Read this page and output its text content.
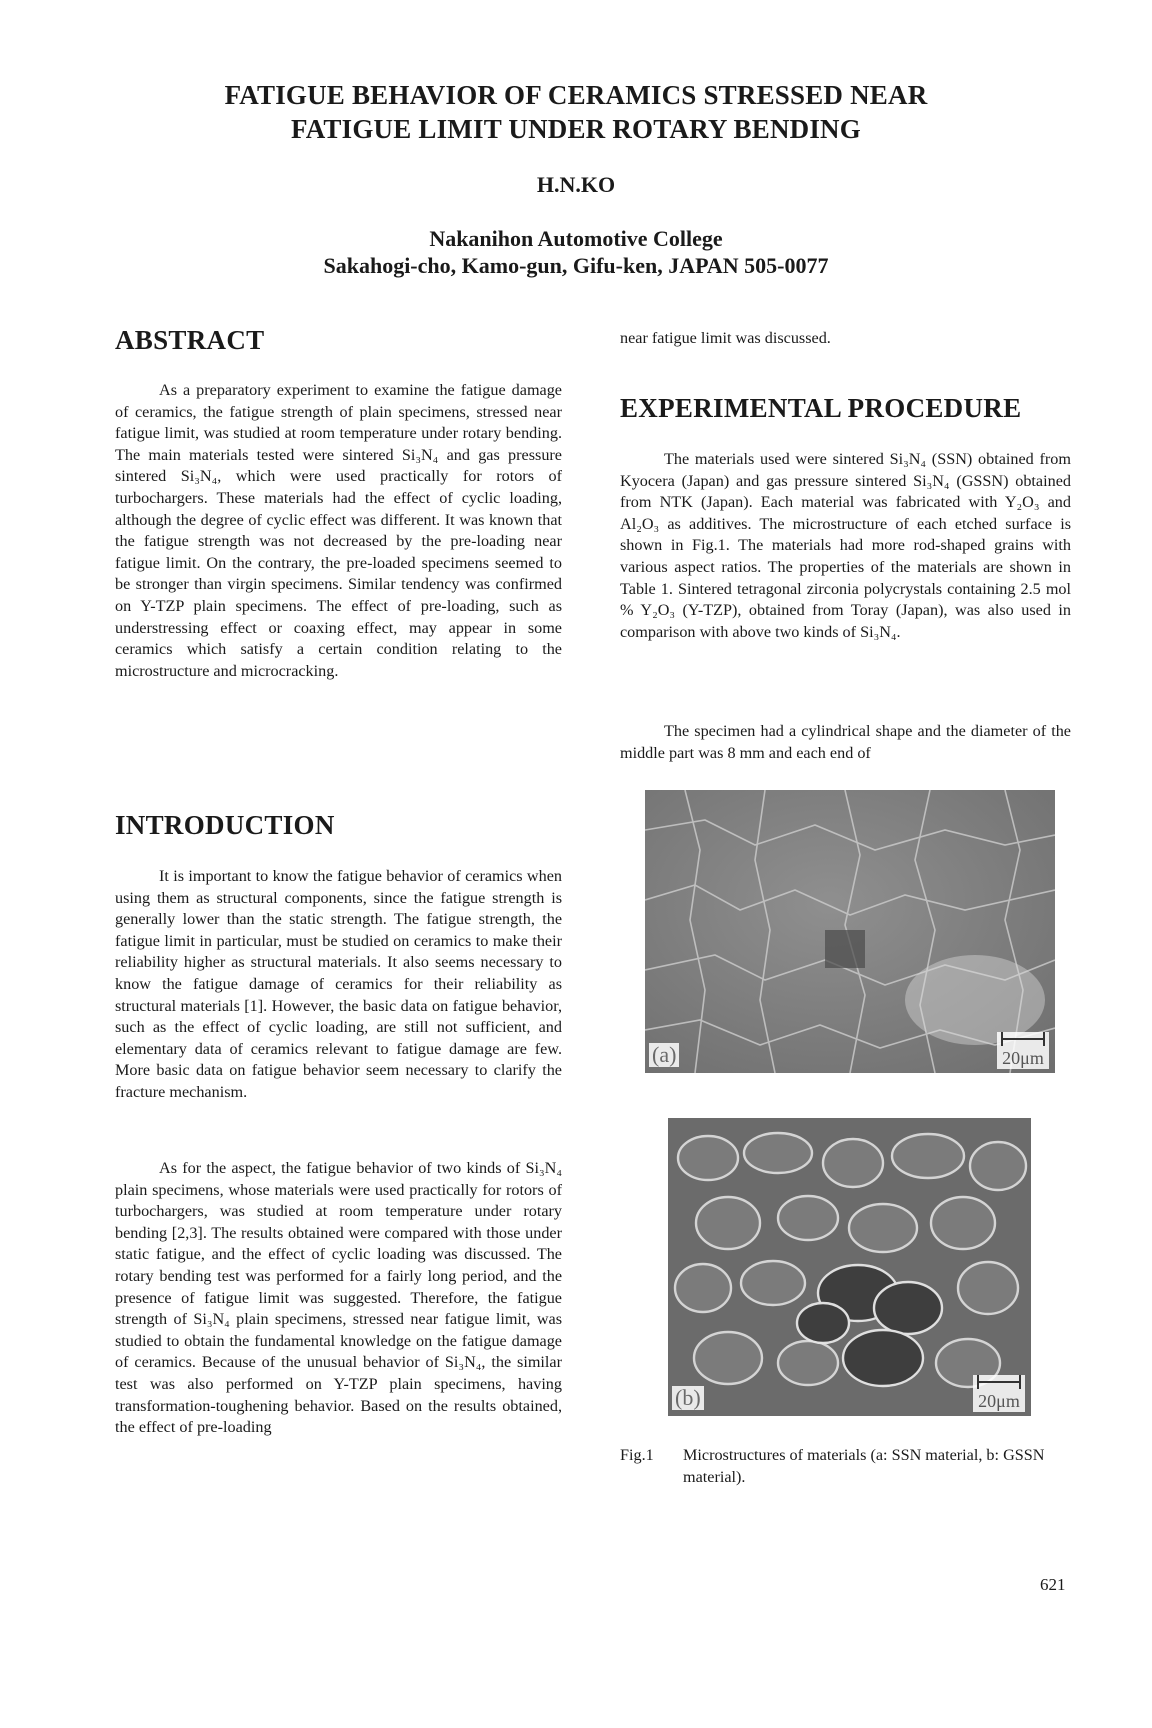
FATIGUE BEHAVIOR OF CERAMICS STRESSED NEAR
FATIGUE LIMIT UNDER ROTARY BENDING
H.N.KO
Nakanihon Automotive College
Sakahogi-cho, Kamo-gun, Gifu-ken, JAPAN 505-0077
ABSTRACT

As a preparatory experiment to examine the fatigue damage of ceramics, the fatigue strength of plain specimens, stressed near fatigue limit, was studied at room temperature under rotary bending. The main materials tested were sintered Si₃N₄ and gas pressure sintered Si₃N₄, which were used practically for rotors of turbochargers. These materials had the effect of cyclic loading, although the degree of cyclic effect was different. It was known that the fatigue strength was not decreased by the pre-loading near fatigue limit. On the contrary, the pre-loaded specimens seemed to be stronger than virgin specimens. Similar tendency was confirmed on Y-TZP plain specimens. The effect of pre-loading, such as understressing effect or coaxing effect, may appear in some ceramics which satisfy a certain condition relating to the microstructure and microcracking.

INTRODUCTION

It is important to know the fatigue behavior of ceramics when using them as structural components, since the fatigue strength is generally lower than the static strength. The fatigue strength, the fatigue limit in particular, must be studied on ceramics to make their reliability higher as structural materials. It also seems necessary to know the fatigue damage of ceramics for their reliability as structural materials [1]. However, the basic data on fatigue behavior, such as the effect of cyclic loading, are still not sufficient, and elementary data of ceramics relevant to fatigue damage are few. More basic data on fatigue behavior seem necessary to clarify the fracture mechanism.

As for the aspect, the fatigue behavior of two kinds of Si₃N₄ plain specimens, whose materials were used practically for rotors of turbochargers, was studied at room temperature under rotary bending [2,3]. The results obtained were compared with those under static fatigue, and the effect of cyclic loading was discussed. The rotary bending test was performed for a fairly long period, and the presence of fatigue limit was suggested. Therefore, the fatigue strength of Si₃N₄ plain specimens, stressed near fatigue limit, was studied to obtain the fundamental knowledge on the fatigue damage of ceramics. Because of the unusual behavior of Si₃N₄, the similar test was also performed on Y-TZP plain specimens, having transformation-toughening behavior. Based on the results obtained, the effect of pre-loading

near fatigue limit was discussed.

EXPERIMENTAL PROCEDURE

The materials used were sintered Si₃N₄ (SSN) obtained from Kyocera (Japan) and gas pressure sintered Si₃N₄ (GSSN) obtained from NTK (Japan). Each material was fabricated with Y₂O₃ and Al₂O₃ as additives. The microstructure of each etched surface is shown in Fig.1. The materials had more rod-shaped grains with various aspect ratios. The properties of the materials are shown in Table 1. Sintered tetragonal zirconia polycrystals containing 2.5 mol % Y₂O₃ (Y-TZP), obtained from Toray (Japan), was also used in comparison with above two kinds of Si₃N₄.

The specimen had a cylindrical shape and the diameter of the middle part was 8 mm and each end of

(a)	20μm
(b)	20μm
Fig.1 Microstructures of materials (a: SSN material, b: GSSN material).
621
